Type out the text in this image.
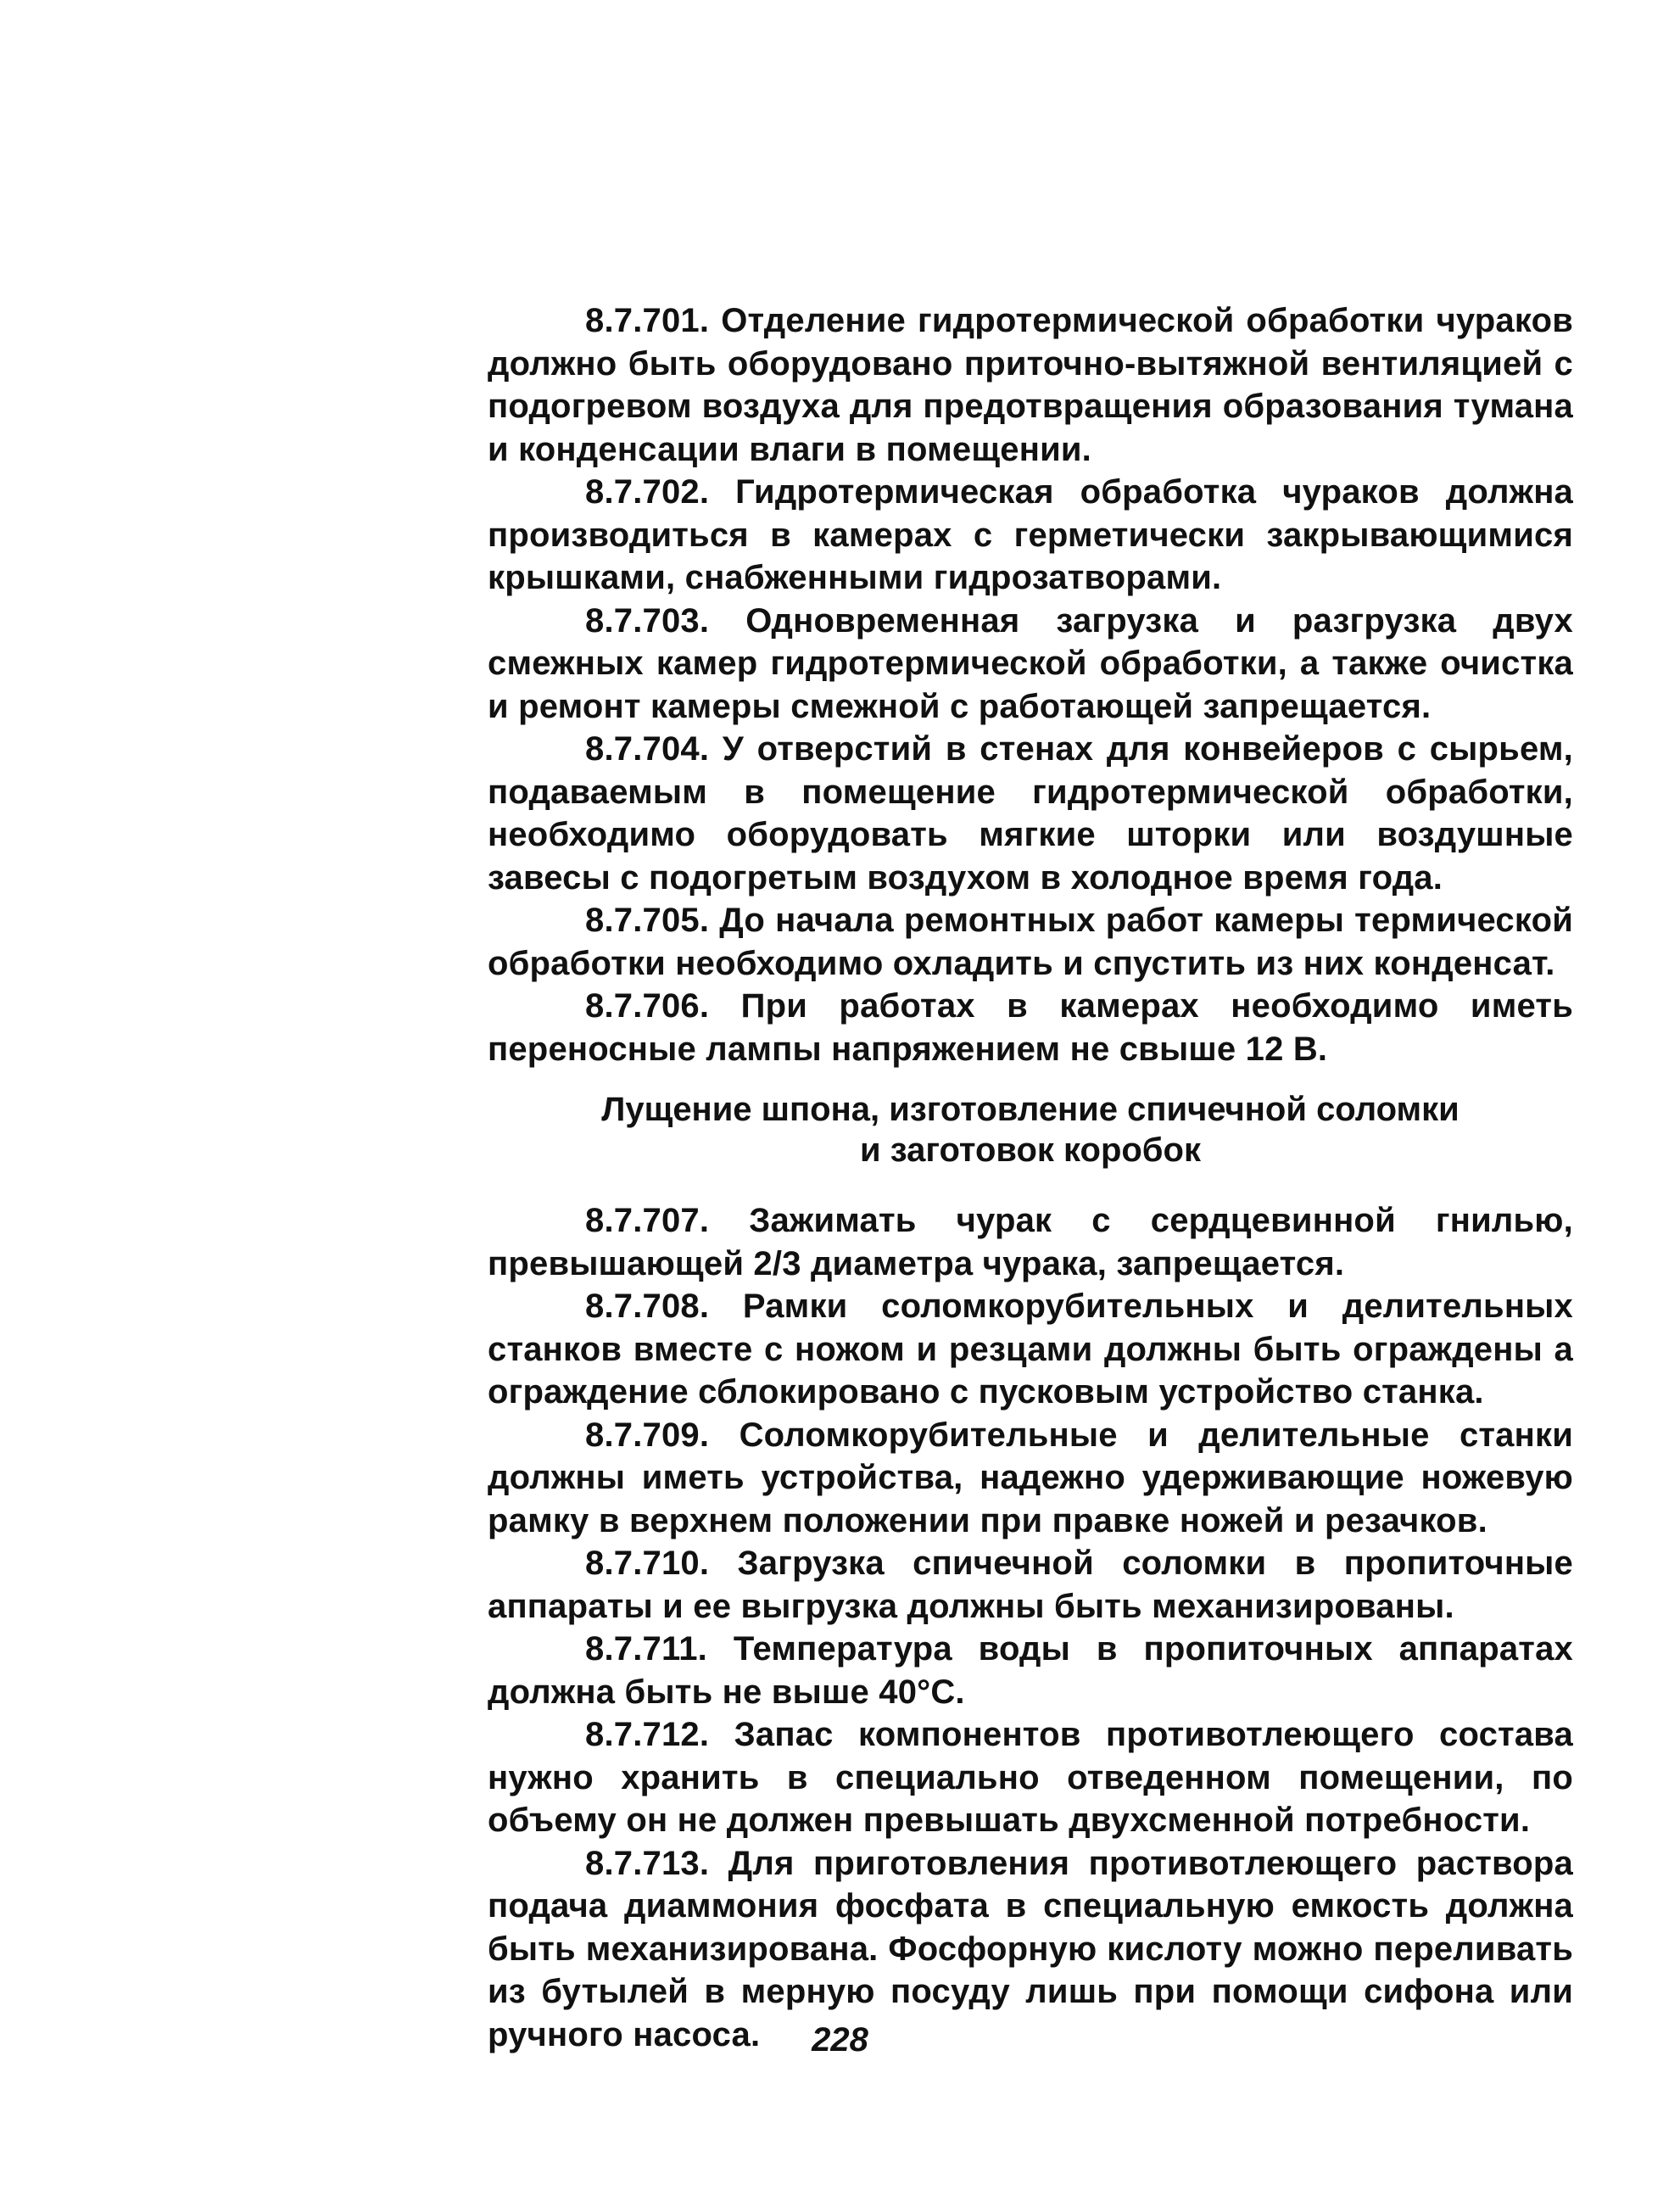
8.7.701. Отделение гидротермической обработки чураков должно быть оборудовано приточно-вытяжной вентиляцией с подогревом воздуха для предотвращения образования тумана и конденсации влаги в помещении.

8.7.702. Гидротермическая обработка чураков должна производиться в камерах с герметически закрывающимися крышками, снабженными гидрозатворами.

8.7.703. Одновременная загрузка и разгрузка двух смежных камер гидротермической обработки, а также очистка и ремонт камеры смежной с работающей запрещается.

8.7.704. У отверстий в стенах для конвейеров с сырьем, подаваемым в помещение гидротермической обработки, необходимо оборудовать мягкие шторки или воздушные завесы с подогретым воздухом в холодное время года.

8.7.705. До начала ремонтных работ камеры термической обработки необходимо охладить и спустить из них конденсат.

8.7.706. При работах в камерах необходимо иметь переносные лампы напряжением не свыше 12 В.

Лущение шпона, изготовление спичечной соломки
и заготовок коробок

8.7.707. Зажимать чурак с сердцевинной гнилью, превышающей 2/3 диаметра чурака, запрещается.

8.7.708. Рамки соломкорубительных и делительных станков вместе с ножом и резцами должны быть ограждены а ограждение сблокировано с пусковым устройство станка.

8.7.709. Соломкорубительные и делительные станки должны иметь устройства, надежно удерживающие ножевую рамку в верхнем положении при правке ножей и резачков.

8.7.710. Загрузка спичечной соломки в пропиточные аппараты и ее выгрузка должны быть механизированы.

8.7.711. Температура воды в пропиточных аппаратах должна быть не выше 40°С.

8.7.712. Запас компонентов противотлеющего состава нужно хранить в специально отведенном помещении, по объему он не должен превышать двухсменной потребности.

8.7.713. Для приготовления противотлеющего раствора подача диаммония фосфата в специальную емкость должна быть механизирована. Фосфорную кислоту можно переливать из бутылей в мерную посуду лишь при помощи сифона или ручного насоса.	228
